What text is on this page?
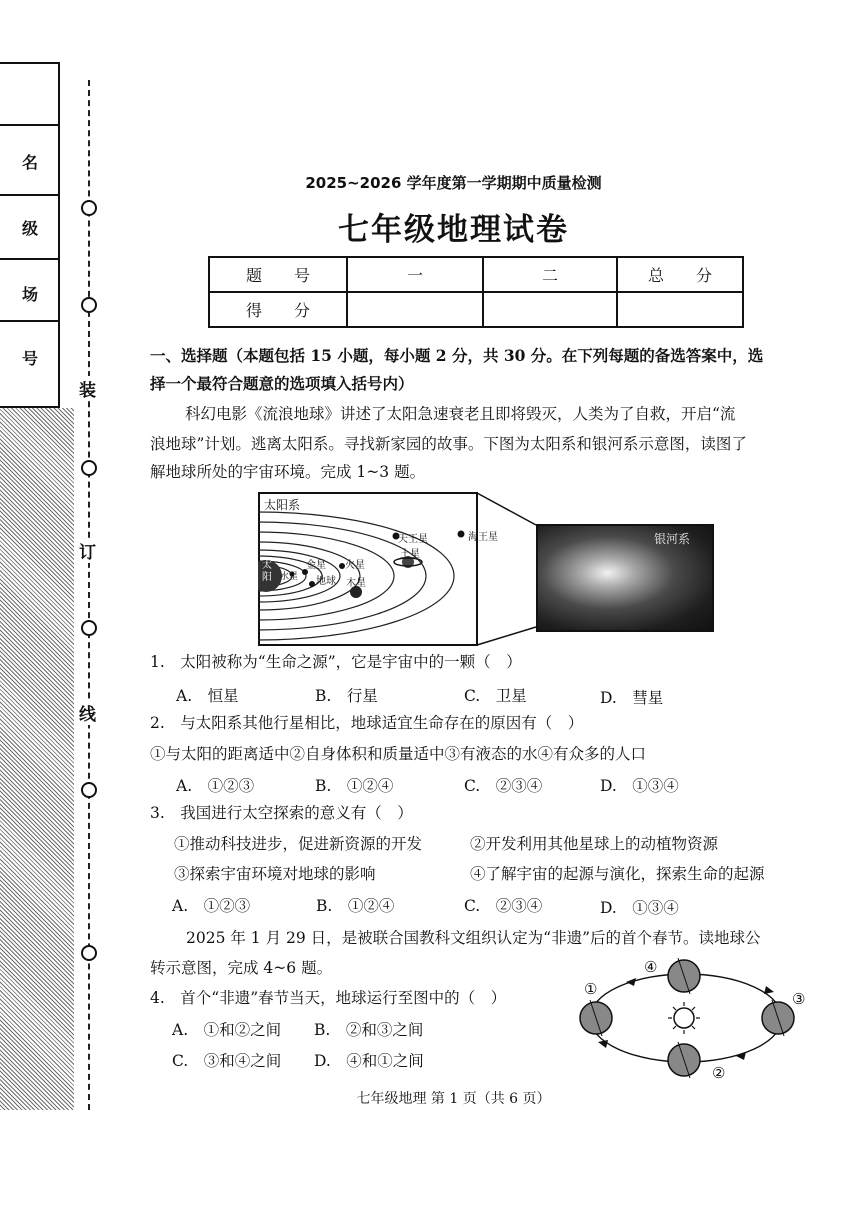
名
级
场
号
装
订
线
2025~2026 学年度第一学期期中质量检测
七年级地理试卷
题　　号	一	二	总　　分
得　　分			
一、选择题（本题包括 15 小题，每小题 2 分，共 30 分。在下列每题的备选答案中，选
择一个最符合题意的选项填入括号内）
科幻电影《流浪地球》讲述了太阳急速衰老且即将毁灭，人类为了自救，开启“流
浪地球”计划。逃离太阳系。寻找新家园的故事。下图为太阳系和银河系示意图，读图了
解地球所处的宇宙环境。完成 1~3 题。
太阳系
太阳 水星
金星
地球
火星
木星
土星
天王星	海王星	银河系
1.　太阳被称为“生命之源”，它是宇宙中的一颗（　）
A.　恒星	B.　行星	C.　卫星	D.　彗星
2.　与太阳系其他行星相比，地球适宜生命存在的原因有（　）
①与太阳的距离适中②自身体积和质量适中③有液态的水④有众多的人口
A.　①②③	B.　①②④	C.　②③④	D.　①③④
3.　我国进行太空探索的意义有（　）
①推动科技进步，促进新资源的开发	②开发利用其他星球上的动植物资源
③探索宇宙环境对地球的影响	④了解宇宙的起源与演化，探索生命的起源
A.　①②③	B.　①②④	C.　②③④	D.　①③④
2025 年 1 月 29 日，是被联合国教科文组织认定为“非遗”后的首个春节。读地球公
转示意图，完成 4~6 题。
4.　首个“非遗”春节当天，地球运行至图中的（　）
A.　①和②之间 B.　②和③之间
C.　③和④之间 D.　④和①之间
①
②
③
④
七年级地理 第 1 页（共 6 页）
